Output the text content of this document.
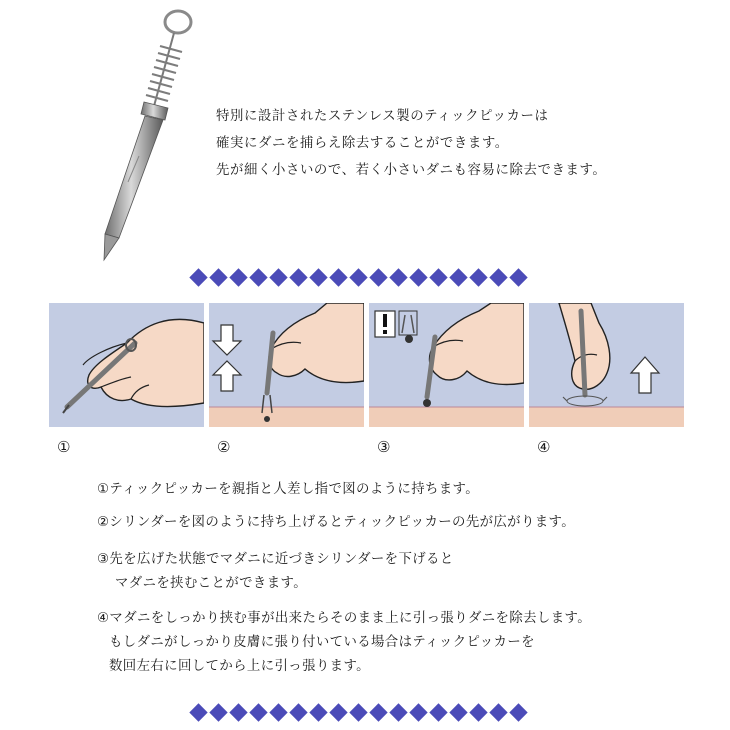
特別に設計されたステンレス製のティックピッカーは
確実にダニを捕らえ除去することができます。
先が細く小さいので、若く小さいダニも容易に除去できます。
①	②	③	④
①ティックピッカーを親指と人差し指で図のように持ちます。
②シリンダーを図のように持ち上げるとティックピッカーの先が広がります。
③先を広げた状態でマダニに近づきシリンダーを下げると
マダニを挟むことができます。
④マダニをしっかり挟む事が出来たらそのまま上に引っ張りダニを除去します。
もしダニがしっかり皮膚に張り付いている場合はティックピッカーを
数回左右に回してから上に引っ張ります。
